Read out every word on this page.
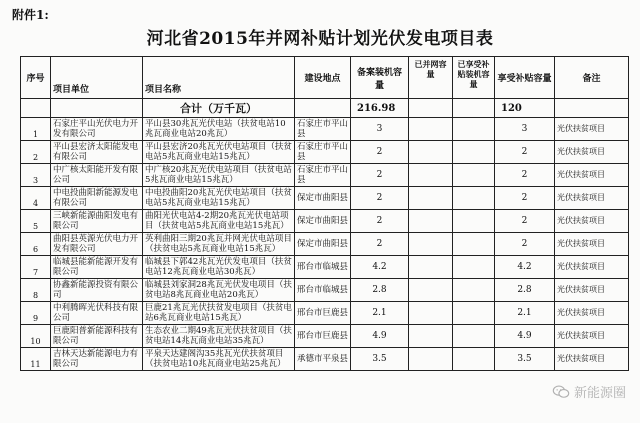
附件1:
河北省2015年并网补贴计划光伏发电项目表
序号	项目单位	项目名称	建设地点	备案装机容量	已并网容量	已享受补贴装机容量	享受补贴容量	备注
		合计（万千瓦）		216.98			120	
1	石家庄平山光伏电力开发有限公司	平山县30兆瓦光伏电站（扶贫电站10兆瓦商业电站20兆瓦）	石家庄市平山县	3			3	光伏扶贫项目
2	平山县宏济太阳能发电有限公司	平山县宏济20兆瓦光伏电站项目（扶贫电站5兆瓦商业电站15兆瓦）	石家庄市平山县	2			2	光伏扶贫项目
3	中广核太阳能开发有限公司	中广核20兆瓦光伏电站项目（扶贫电站5兆瓦商业电站15兆瓦）	石家庄市平山县	2			2	光伏扶贫项目
4	中电投曲阳新能源发电有限公司	中电投曲阳20兆瓦光伏电站项目（扶贫电站5兆瓦商业电站15兆瓦）	保定市曲阳县	2			2	光伏扶贫项目
5	三峡新能源曲阳发电有限公司	曲阳光伏电站4-2期20兆瓦光伏电站项目（扶贫电站5兆瓦商业电站15兆瓦）	保定市曲阳县	2			2	光伏扶贫项目
6	曲阳县英源光伏电力开发有限公司	英利曲阳三期20兆瓦并网光伏电站项目（扶贫电站5兆瓦商业电站15兆瓦）	保定市曲阳县	2			2	光伏扶贫项目
7	临城县能新能源开发有限公司	临城县下郭42兆瓦光伏发电项目（扶贫电站12兆瓦商业电站30兆瓦）	邢台市临城县	4.2			4.2	光伏扶贫项目
8	协鑫新能源投资有限公司	临城县刘家洞28兆瓦光伏发电项目（扶贫电站8兆瓦商业电站20兆瓦）	邢台市临城县	2.8			2.8	光伏扶贫项目
9	中利腾晖光伏科技有限公司	巨鹿21兆瓦光伏扶贫发电项目（扶贫电站6兆瓦商业电站15兆瓦）	邢台市巨鹿县	2.1			2.1	光伏扶贫项目
10	巨鹿阳普新能源科技有限公司	生态农业二期49兆瓦光伏扶贫项目（扶贫电站14兆瓦商业电站35兆瓦）	邢台市巨鹿县	4.9			4.9	光伏扶贫项目
11	吉林天达新能源电力有限公司	平泉天达建阁沟35兆瓦光伏扶贫项目（扶贫电站10兆瓦商业电站25兆瓦）	承德市平泉县	3.5			3.5	光伏扶贫项目
新能源圈
